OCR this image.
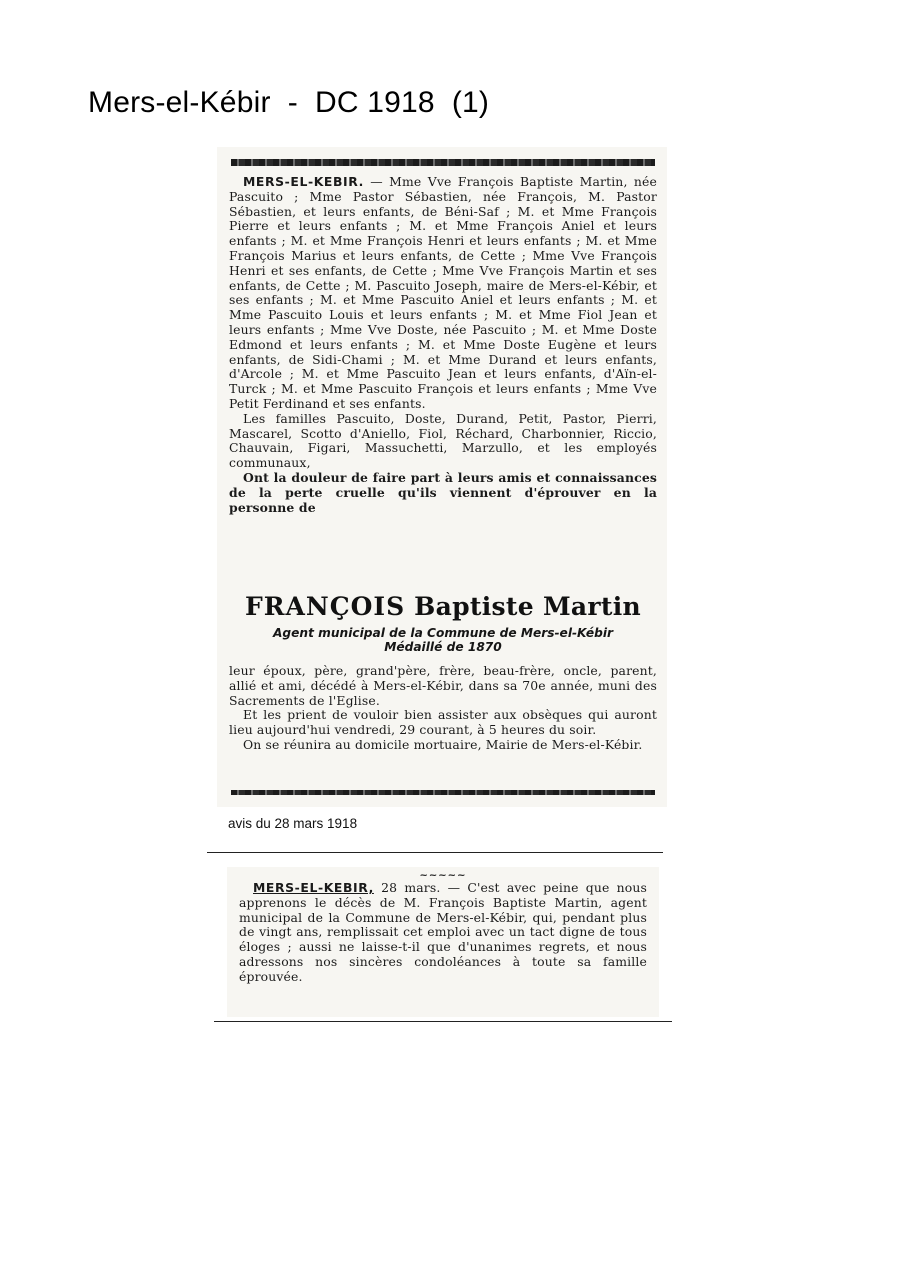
Mers-el-Kébir  -  DC 1918  (1)

MERS-EL-KEBIR. — Mme Vve François Baptiste Martin, née Pascuito ; Mme Pastor Sébastien, née François, M. Pastor Sébastien, et leurs enfants, de Béni-Saf ; M. et Mme François Pierre et leurs enfants ; M. et Mme François Aniel et leurs enfants ; M. et Mme François Henri et leurs enfants ; M. et Mme François Marius et leurs enfants, de Cette ; Mme Vve François Henri et ses enfants, de Cette ; Mme Vve François Martin et ses enfants, de Cette ; M. Pascuito Joseph, maire de Mers-el-Kébir, et ses enfants ; M. et Mme Pascuito Aniel et leurs enfants ; M. et Mme Pascuito Louis et leurs enfants ; M. et Mme Fiol Jean et leurs enfants ; Mme Vve Doste, née Pascuito ; M. et Mme Doste Edmond et leurs enfants ; M. et Mme Doste Eugène et leurs enfants, de Sidi-Chami ; M. et Mme Durand et leurs enfants, d'Arcole ; M. et Mme Pascuito Jean et leurs enfants, d'Aïn-el-Turck ; M. et Mme Pascuito François et leurs enfants ; Mme Vve Petit Ferdinand et ses enfants.

Les familles Pascuito, Doste, Durand, Petit, Pastor, Pierri, Mascarel, Scotto d'Aniello, Fiol, Réchard, Charbonnier, Riccio, Chauvain, Figari, Massuchetti, Marzullo, et les employés communaux,

Ont la douleur de faire part à leurs amis et connaissances de la perte cruelle qu'ils viennent d'éprouver en la personne de

FRANÇOIS Baptiste Martin
Agent municipal de la Commune de Mers-el-Kébir
Médaillé de 1870

leur époux, père, grand'père, frère, beau-frère, oncle, parent, allié et ami, décédé à Mers-el-Kébir, dans sa 70e année, muni des Sacrements de l'Eglise.

Et les prient de vouloir bien assister aux obsèques qui auront lieu aujourd'hui vendredi, 29 courant, à 5 heures du soir.

On se réunira au domicile mortuaire, Mairie de Mers-el-Kébir.

avis du 28 mars 1918
~~~~~

MERS-EL-KEBIR, 28 mars. — C'est avec peine que nous apprenons le décès de M. François Baptiste Martin, agent municipal de la Commune de Mers-el-Kébir, qui, pendant plus de vingt ans, remplissait cet emploi avec un tact digne de tous éloges ; aussi ne laisse-t-il que d'unanimes regrets, et nous adressons nos sincères condoléances à toute sa famille éprouvée.
